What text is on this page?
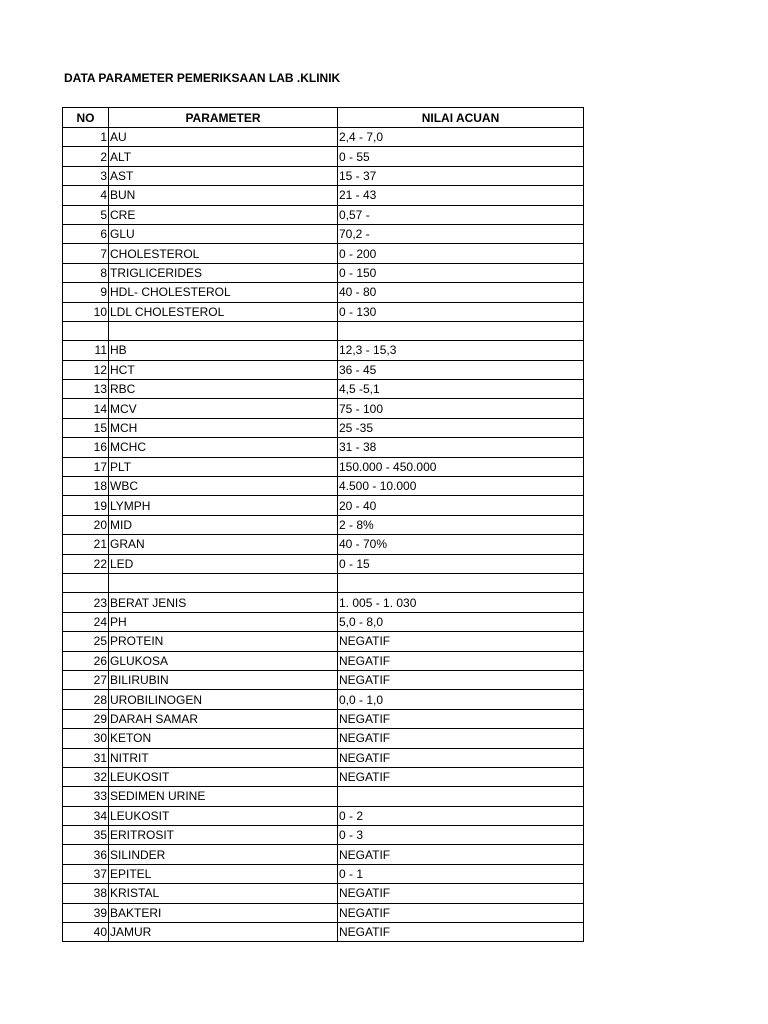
DATA PARAMETER PEMERIKSAAN LAB .KLINIK
NO	PARAMETER	NILAI ACUAN
1	AU	2,4 - 7,0
2	ALT	0 - 55
3	AST	15 - 37
4	BUN	21 - 43
5	CRE	0,57 -
6	GLU	70,2 -
7	CHOLESTEROL	0 - 200
8	TRIGLICERIDES	0 - 150
9	HDL- CHOLESTEROL	40 - 80
10	LDL CHOLESTEROL	0 - 130

11	HB	12,3 - 15,3
12	HCT	36 - 45
13	RBC	4,5 -5,1
14	MCV	75 - 100
15	MCH	25 -35
16	MCHC	31 - 38
17	PLT	150.000 - 450.000
18	WBC	4.500 - 10.000
19	LYMPH	20 - 40
20	MID	2 - 8%
21	GRAN	40 - 70%
22	LED	0 - 15

23	BERAT JENIS	1. 005 - 1. 030
24	PH	5,0 - 8,0
25	PROTEIN	NEGATIF
26	GLUKOSA	NEGATIF
27	BILIRUBIN	NEGATIF
28	UROBILINOGEN	0,0 - 1,0
29	DARAH SAMAR	NEGATIF
30	KETON	NEGATIF
31	NITRIT	NEGATIF
32	LEUKOSIT	NEGATIF
33	SEDIMEN URINE	
34	LEUKOSIT	0 - 2
35	ERITROSIT	0 - 3
36	SILINDER	NEGATIF
37	EPITEL	0 - 1
38	KRISTAL	NEGATIF
39	BAKTERI	NEGATIF
40	JAMUR	NEGATIF
